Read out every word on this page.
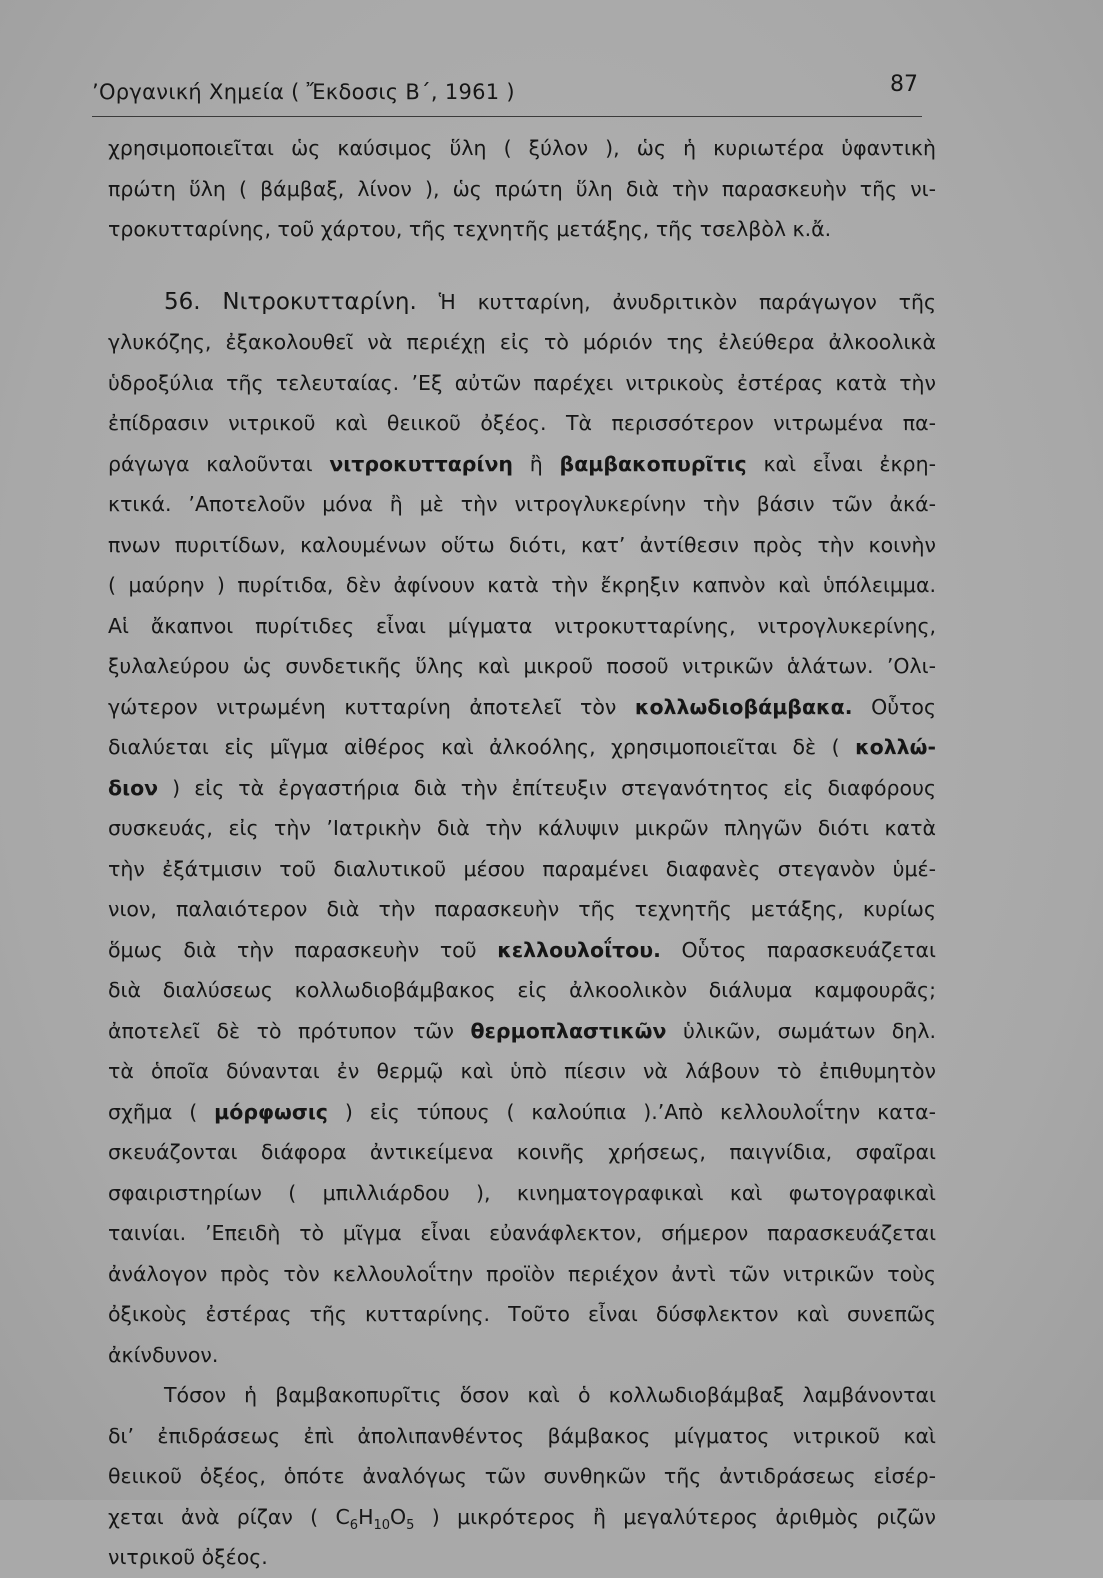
’Οργανική Χημεία ( Ἔκδοσις Β΄, 1961 )	87

χρησιμοποιεῖται ὡς καύσιμος ὕλη ( ξύλον ), ὡς ἡ κυριωτέρα ὑφαντικὴ
πρώτη ὕλη ( βάμβαξ, λίνον ), ὡς πρώτη ὕλη διὰ τὴν παρασκευὴν τῆς νι-
τροκυτταρίνης, τοῦ χάρτου, τῆς τεχνητῆς μετάξης, τῆς τσελβὸλ κ.ἄ.

56. Νιτροκυτταρίνη. Ἡ κυτταρίνη, ἀνυδριτικὸν παράγωγον τῆς
γλυκόζης, ἐξακολουθεῖ νὰ περιέχῃ εἰς τὸ μόριόν της ἐλεύθερα ἀλκοολικὰ
ὑδροξύλια τῆς τελευταίας. ’Εξ αὐτῶν παρέχει νιτρικοὺς ἐστέρας κατὰ τὴν
ἐπίδρασιν νιτρικοῦ καὶ θειικοῦ ὀξέος. Τὰ περισσότερον νιτρωμένα πα-
ράγωγα καλοῦνται νιτροκυτταρίνη ἢ βαμβακοπυρῖτις καὶ εἶναι ἐκρη-
κτικά. ’Αποτελοῦν μόνα ἢ μὲ τὴν νιτρογλυκερίνην τὴν βάσιν τῶν ἀκά-
πνων πυριτίδων, καλουμένων οὕτω διότι, κατ’ ἀντίθεσιν πρὸς τὴν κοινὴν
( μαύρην ) πυρίτιδα, δὲν ἀφίνουν κατὰ τὴν ἔκρηξιν καπνὸν καὶ ὑπόλειμμα.
Αἱ ἄκαπνοι πυρίτιδες εἶναι μίγματα νιτροκυτταρίνης, νιτρογλυκερίνης,
ξυλαλεύρου ὡς συνδετικῆς ὕλης καὶ μικροῦ ποσοῦ νιτρικῶν ἁλάτων. ’Ολι-
γώτερον νιτρωμένη κυτταρίνη ἀποτελεῖ τὸν κολλωδιοβάμβακα. Οὗτος
διαλύεται εἰς μῖγμα αἰθέρος καὶ ἀλκοόλης, χρησιμοποιεῖται δὲ ( κολλώ-
διον ) εἰς τὰ ἐργαστήρια διὰ τὴν ἐπίτευξιν στεγανότητος εἰς διαφόρους
συσκευάς, εἰς τὴν ’Ιατρικὴν διὰ τὴν κάλυψιν μικρῶν πληγῶν διότι κατὰ
τὴν ἐξάτμισιν τοῦ διαλυτικοῦ μέσου παραμένει διαφανὲς στεγανὸν ὑμέ-
νιον, παλαιότερον διὰ τὴν παρασκευὴν τῆς τεχνητῆς μετάξης, κυρίως
ὅμως διὰ τὴν παρασκευὴν τοῦ κελλουλοΐτου. Οὗτος παρασκευάζεται
διὰ διαλύσεως κολλωδιοβάμβακος εἰς ἀλκοολικὸν διάλυμα καμφουρᾶς;
ἀποτελεῖ δὲ τὸ πρότυπον τῶν θερμοπλαστικῶν ὑλικῶν, σωμάτων δηλ.
τὰ ὁποῖα δύνανται ἐν θερμῷ καὶ ὑπὸ πίεσιν νὰ λάβουν τὸ ἐπιθυμητὸν
σχῆμα ( μόρφωσις ) εἰς τύπους ( καλούπια ).’Απὸ κελλουλοΐτην κατα-
σκευάζονται διάφορα ἀντικείμενα κοινῆς χρήσεως, παιγνίδια, σφαῖραι
σφαιριστηρίων ( μπιλλιάρδου ), κινηματογραφικαὶ καὶ φωτογραφικαὶ
ταινίαι. ’Επειδὴ τὸ μῖγμα εἶναι εὐανάφλεκτον, σήμερον παρασκευάζεται
ἀνάλογον πρὸς τὸν κελλουλοΐτην προϊὸν περιέχον ἀντὶ τῶν νιτρικῶν τοὺς
ὀξικοὺς ἐστέρας τῆς κυτταρίνης. Τοῦτο εἶναι δύσφλεκτον καὶ συνεπῶς
ἀκίνδυνον.

Τόσον ἡ βαμβακοπυρῖτις ὅσον καὶ ὁ κολλωδιοβάμβαξ λαμβάνονται
δι’ ἐπιδράσεως ἐπὶ ἀπολιπανθέντος βάμβακος μίγματος νιτρικοῦ καὶ
θειικοῦ ὀξέος, ὁπότε ἀναλόγως τῶν συνθηκῶν τῆς ἀντιδράσεως εἰσέρ-
χεται ἀνὰ ρίζαν ( $C_6H_{10}O_5$ ) μικρότερος ἢ μεγαλύτερος ἀριθμὸς ριζῶν
νιτρικοῦ ὀξέος.
